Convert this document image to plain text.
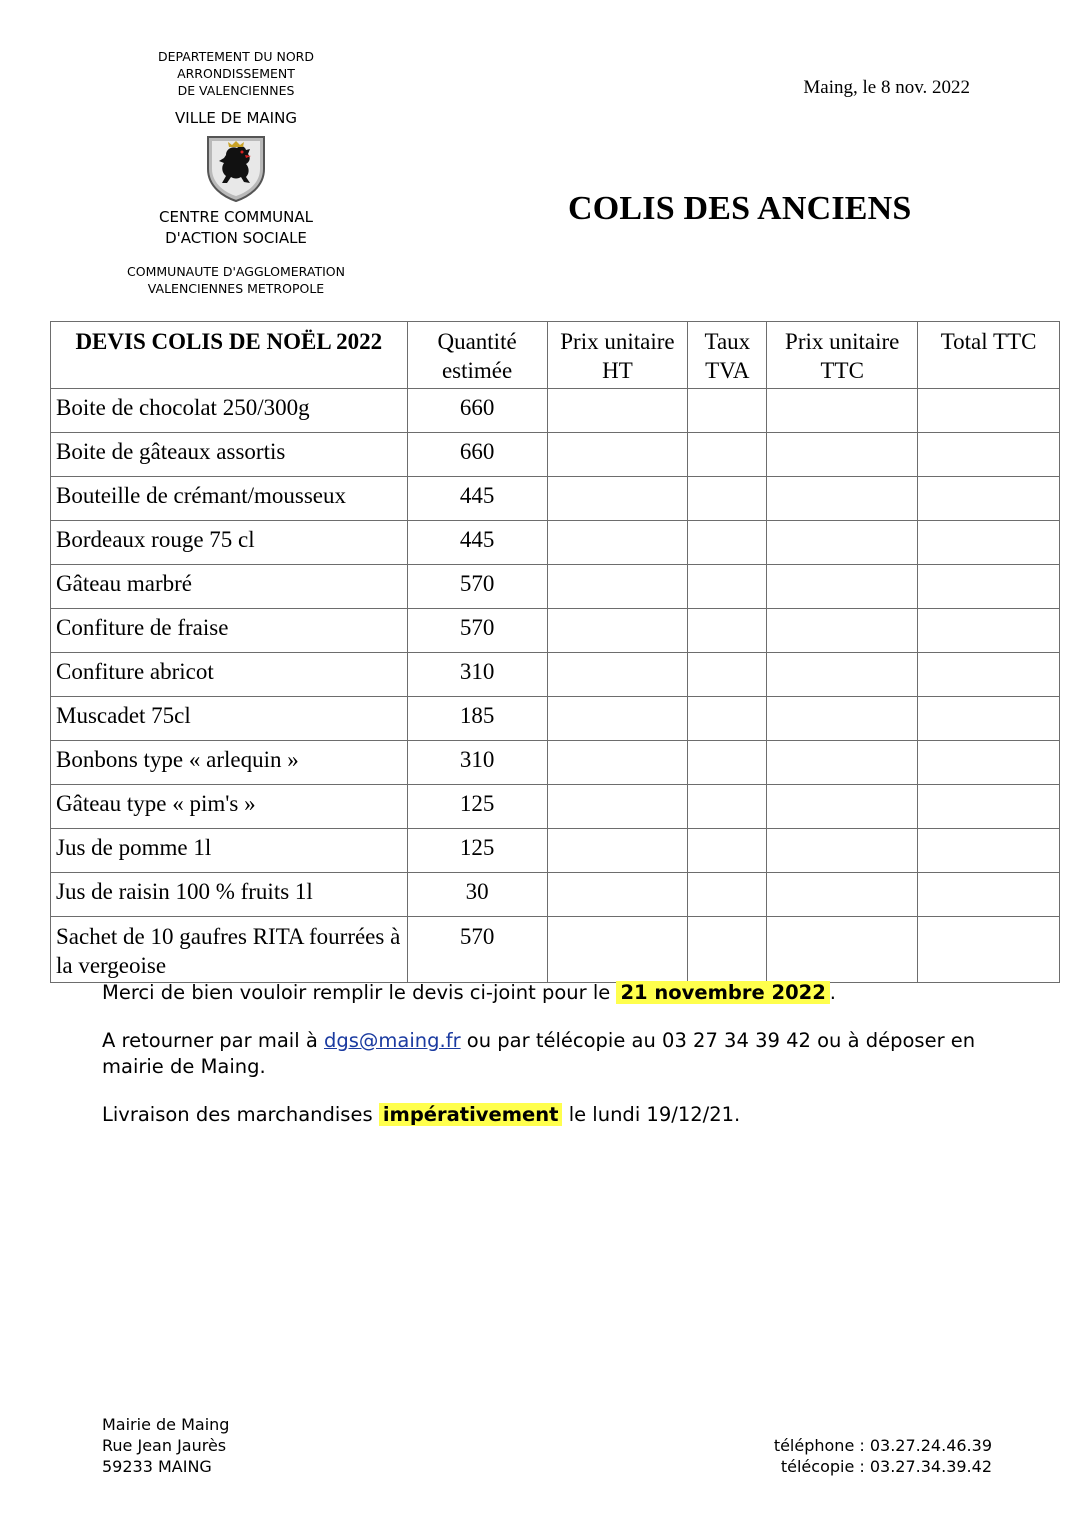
DEPARTEMENT DU NORD
ARRONDISSEMENT
DE VALENCIENNES
VILLE DE MAING
CENTRE COMMUNAL
D'ACTION SOCIALE
COMMUNAUTE D'AGGLOMERATION
VALENCIENNES METROPOLE
Maing, le 8 nov. 2022
COLIS DES ANCIENS
DEVIS COLIS DE NOËL 2022	Quantité estimée	Prix unitaire HT	Taux TVA	Prix unitaire TTC	Total TTC
Boite de chocolat 250/300g	660				
Boite de gâteaux assortis	660				
Bouteille de crémant/mousseux	445				
Bordeaux rouge 75 cl	445				
Gâteau marbré	570				
Confiture de fraise	570				
Confiture abricot	310				
Muscadet 75cl	185				
Bonbons type « arlequin »	310				
Gâteau type « pim's »	125				
Jus de pomme 1l	125				
Jus de raisin 100 % fruits 1l	30				
Sachet de 10 gaufres RITA fourrées à la vergeoise	570				

Merci de bien vouloir remplir le devis ci-joint pour le 21 novembre 2022 .

A retourner par mail à dgs@maing.fr ou par télécopie au 03 27 34 39 42 ou à déposer en mairie de Maing.

Livraison des marchandises impérativement le lundi 19/12/21.

Mairie de Maing
Rue Jean Jaurès
59233 MAING
téléphone : 03.27.24.46.39
télécopie : 03.27.34.39.42
